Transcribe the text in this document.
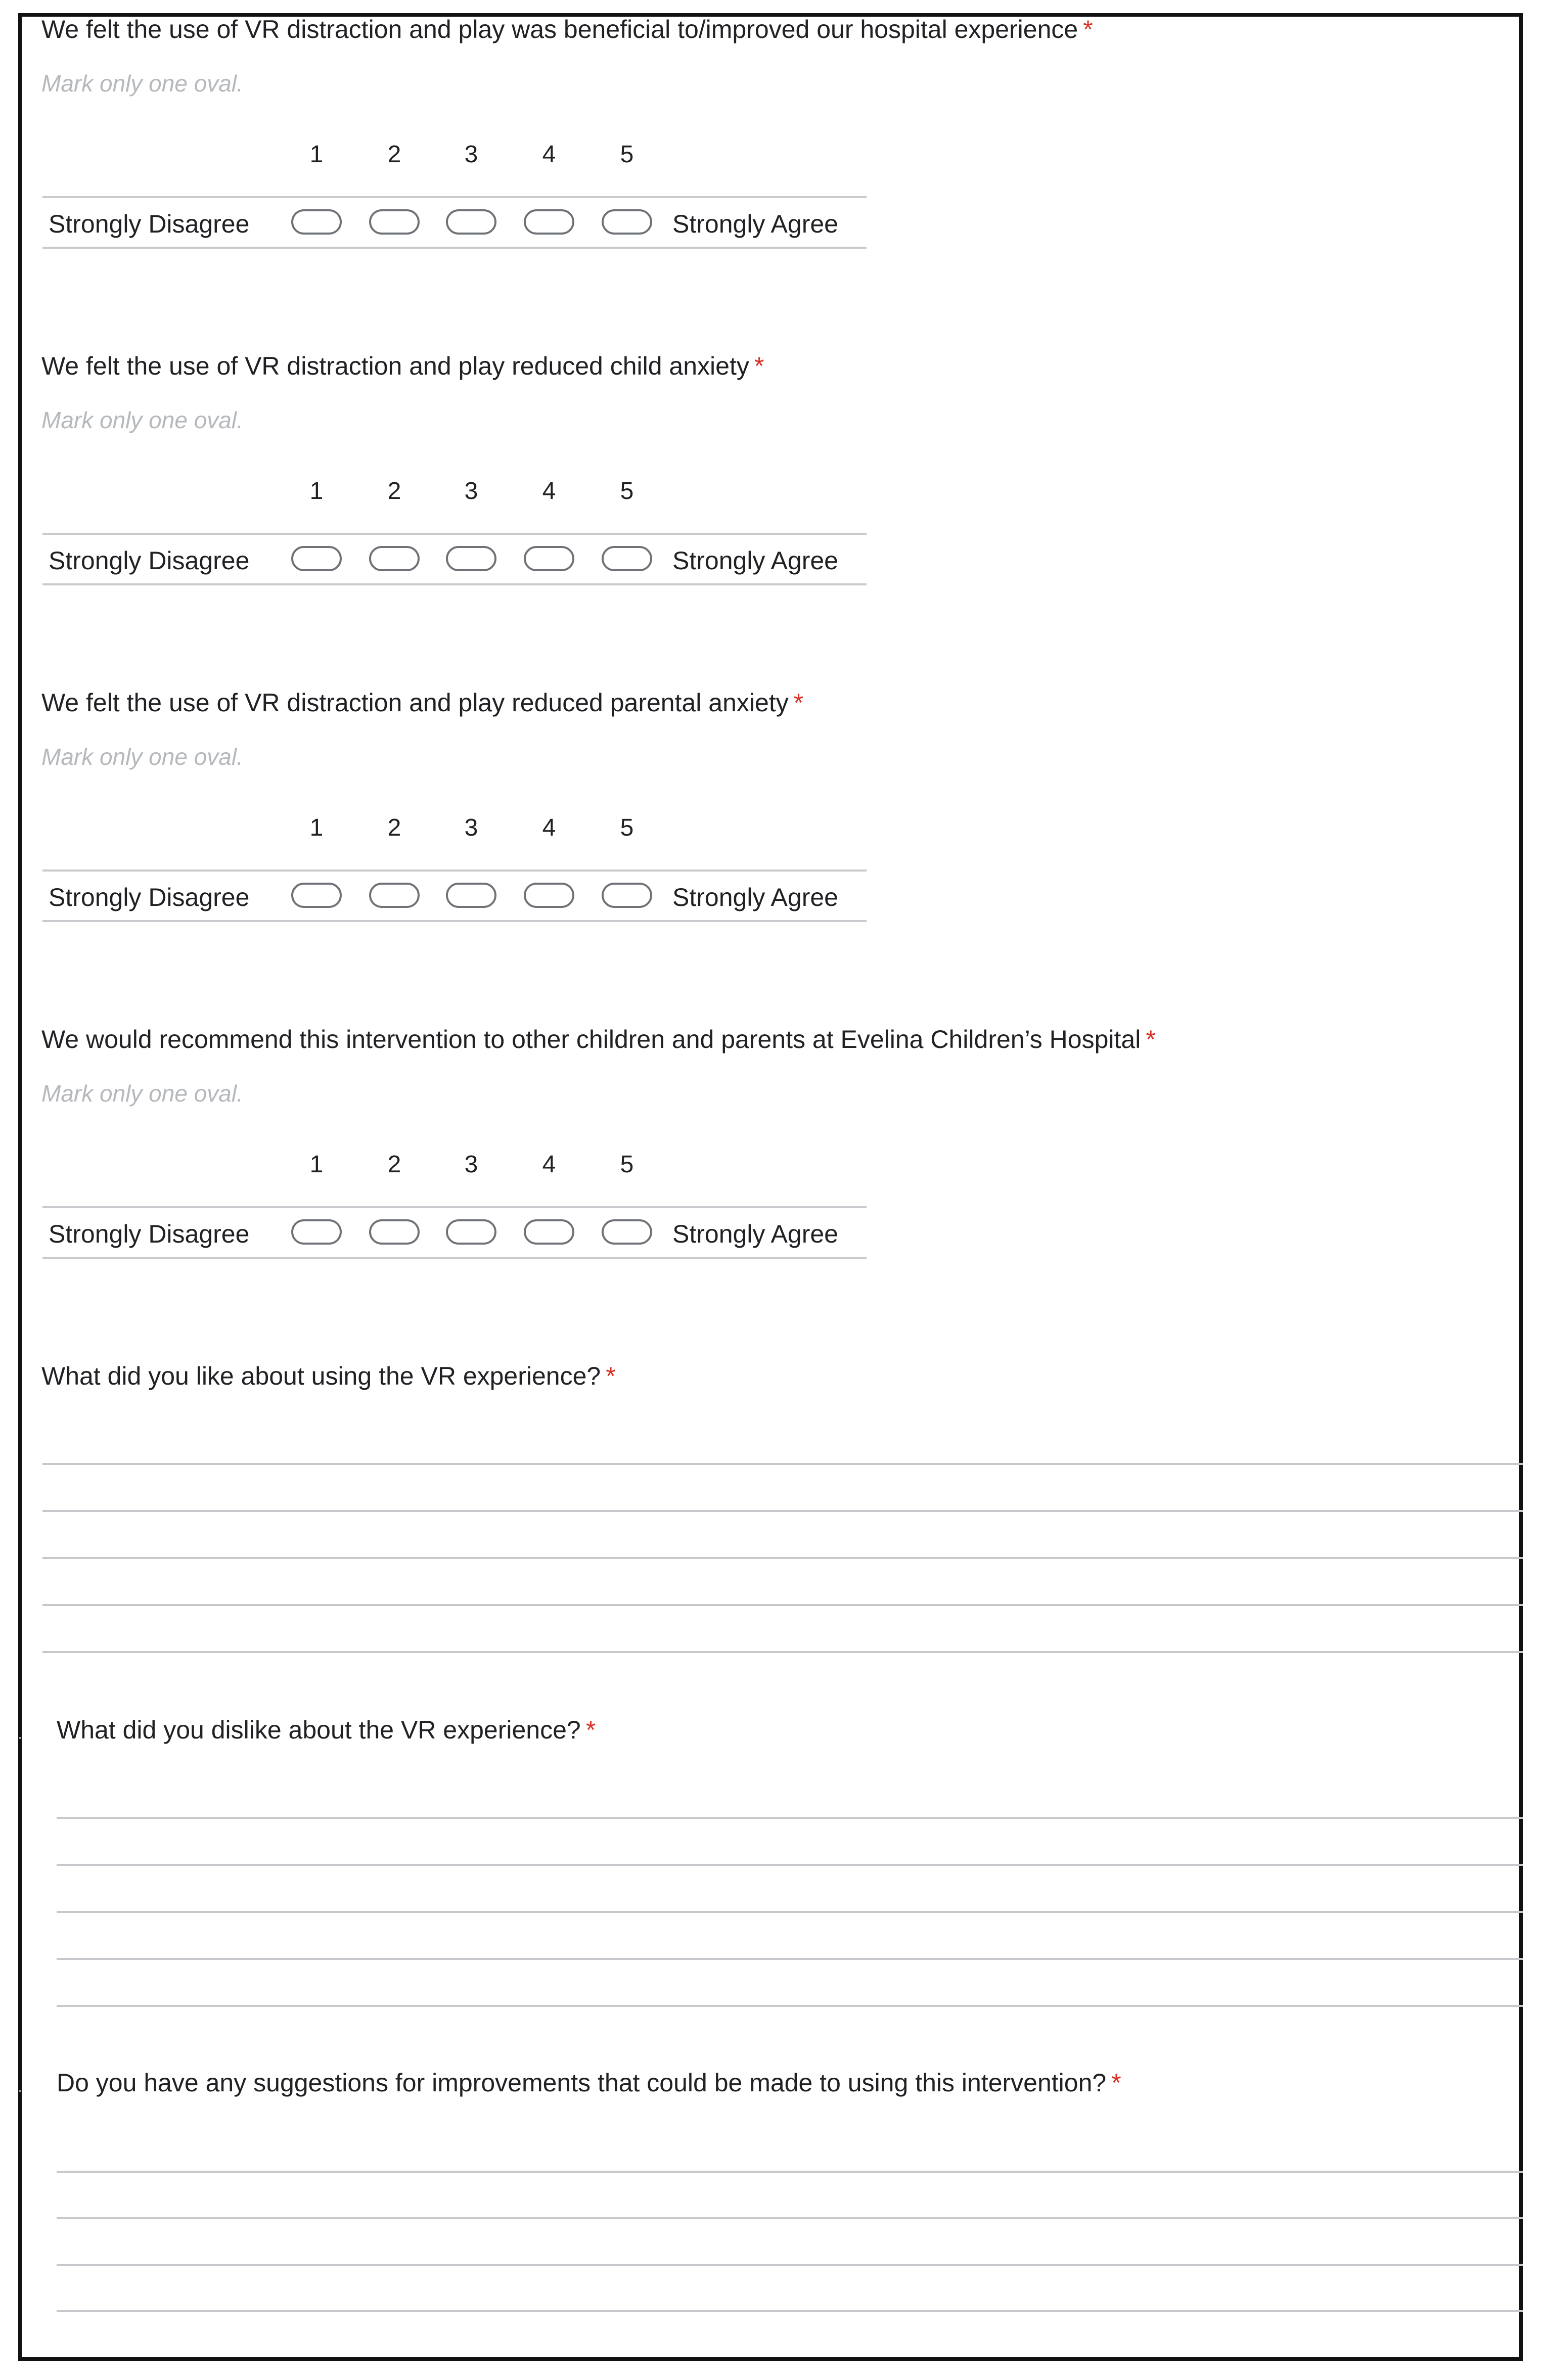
We felt the use of VR distraction and play was beneficial to/improved our hospital experience *
Mark only one oval.
1	2	3	4	5
Strongly Disagree	Strongly Agree
We felt the use of VR distraction and play reduced child anxiety *
Mark only one oval.
1	2	3	4	5
Strongly Disagree	Strongly Agree
We felt the use of VR distraction and play reduced parental anxiety *
Mark only one oval.
1	2	3	4	5
Strongly Disagree	Strongly Agree
We would recommend this intervention to other children and parents at Evelina Children’s Hospital *
Mark only one oval.
1	2	3	4	5
Strongly Disagree	Strongly Agree
What did you like about using the VR experience? *
What did you dislike about the VR experience? *
Do you have any suggestions for improvements that could be made to using this intervention? *
